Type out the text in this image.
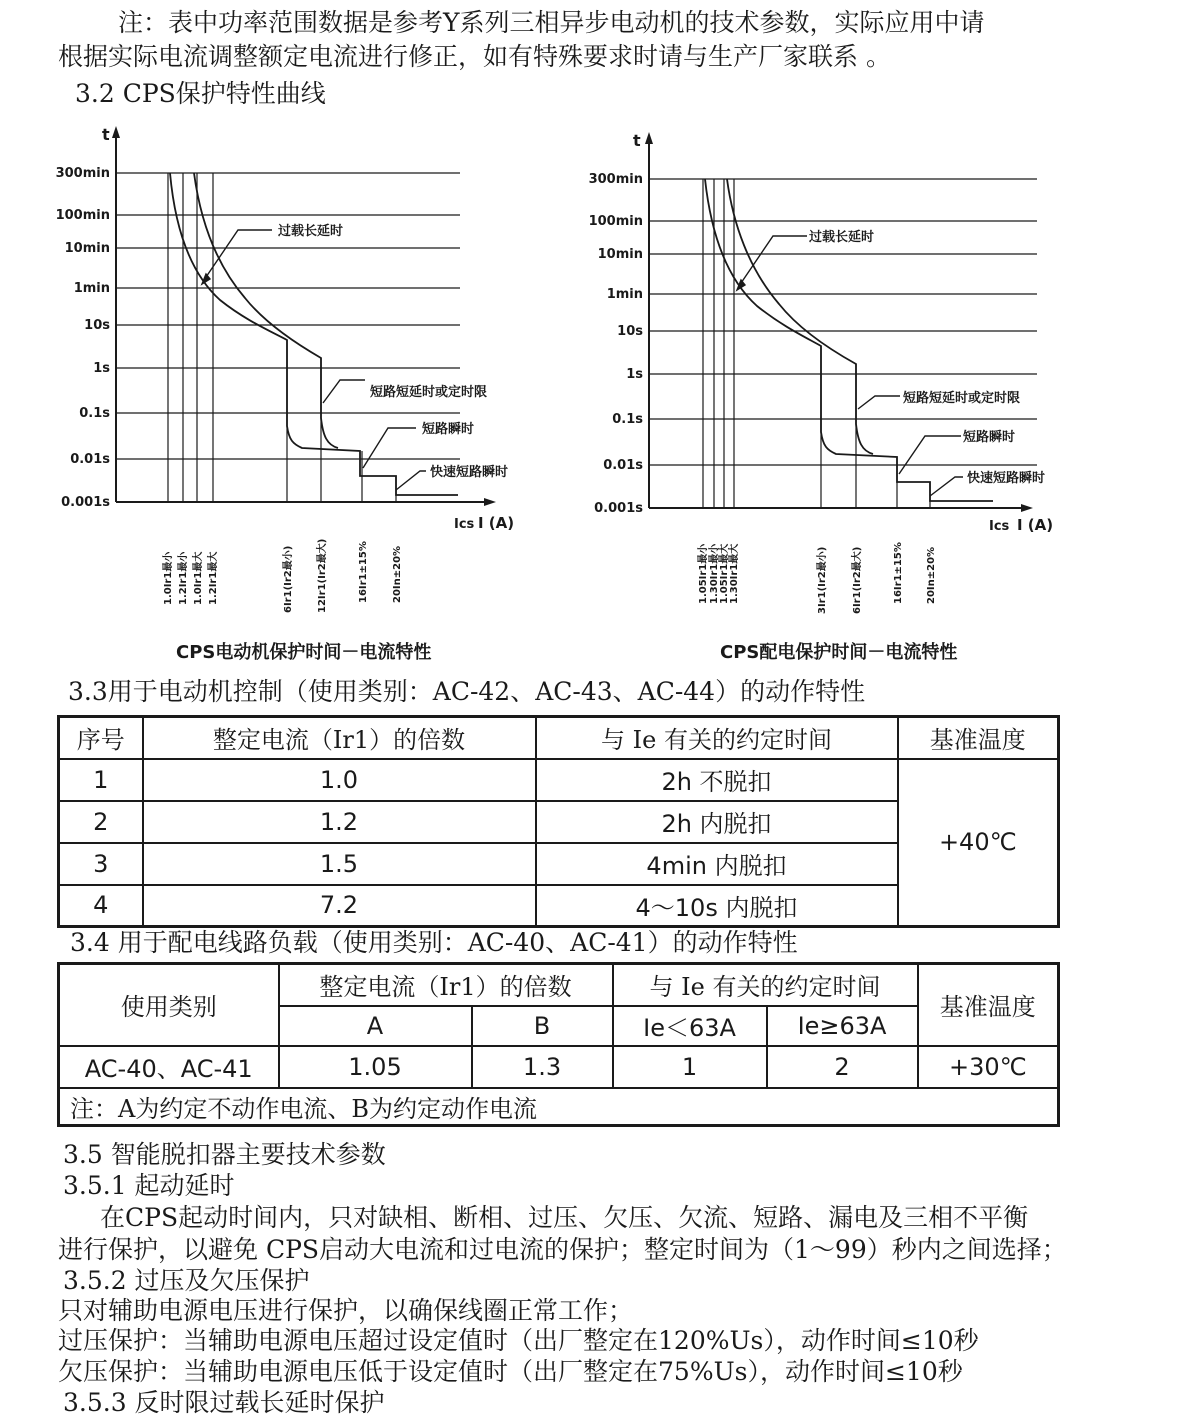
注：表中功率范围数据是参考Y系列三相异步电动机的技术参数，实际应用中请
根据实际电流调整额定电流进行修正，如有特殊要求时请与生产厂家联系 。
3.2 CPS保护特性曲线
t
300min
100min
10min
1min
10s
1s
0.1s
0.01s
0.001s
过载长延时
短路短延时或定时限
短路瞬时
快速短路瞬时
Ics I (A)
1.0Ir1最小 1.2Ir1最小 1.0Ir1最大 1.2Ir1最大	6Ir1(Ir2最小) 12Ir1(Ir2最大)	16Ir1±15% 20In±20%
CPS电动机保护时间－电流特性
t
300min
100min
10min
1min
10s
1s
0.1s
0.01s
0.001s
过载长延时
短路短延时或定时限
短路瞬时
快速短路瞬时
Ics I (A)
1.05Ir1最小 1.30Ir1最小 1.05Ir1最大 1.30Ir1最大	3Ir1(Ir2最小) 6Ir1(Ir2最大)	16Ir1±15% 20In±20%
CPS配电保护时间－电流特性
3.3用于电动机控制（使用类别：AC-42、AC-43、AC-44）的动作特性
序号	整定电流（Ir1）的倍数	与 Ie 有关的约定时间	基准温度
1	1.0	2h 不脱扣	+40℃
2	1.2	2h 内脱扣	
3	1.5	4min 内脱扣	
4	7.2	4～10s 内脱扣	
3.4 用于配电线路负载（使用类别：AC-40、AC-41）的动作特性
使用类别	整定电流（Ir1）的倍数		与 Ie 有关的约定时间		基准温度
	A	B	Ie＜63A	Ie≥63A	
AC-40、AC-41	1.05	1.3	1	2	+30℃
注：A为约定不动作电流、B为约定动作电流					
3.5 智能脱扣器主要技术参数
3.5.1 起动延时
在CPS起动时间内，只对缺相、断相、过压、欠压、欠流、短路、漏电及三相不平衡
进行保护，以避免 CPS启动大电流和过电流的保护；整定时间为（1～99）秒内之间选择；
3.5.2 过压及欠压保护
只对辅助电源电压进行保护，以确保线圈正常工作；
过压保护：当辅助电源电压超过设定值时（出厂整定在120%Us），动作时间≤10秒
欠压保护：当辅助电源电压低于设定值时（出厂整定在75%Us），动作时间≤10秒
3.5.3 反时限过载长延时保护
